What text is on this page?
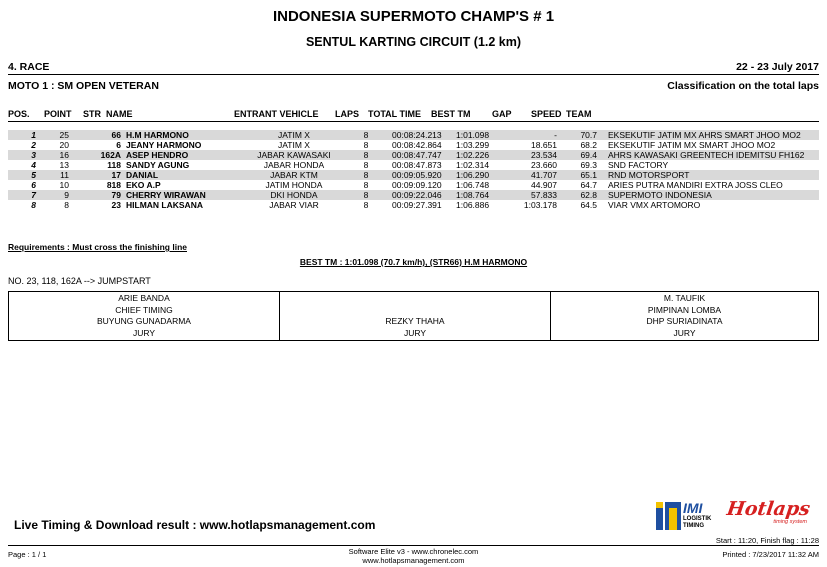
INDONESIA SUPERMOTO CHAMP'S # 1
SENTUL KARTING CIRCUIT (1.2 km)
4. RACE	22 - 23 July 2017
MOTO 1 : SM OPEN VETERAN	Classification on the total laps
POS. POINT STR NAME	ENTRANT VEHICLE LAPS TOTAL TIME BEST TM GAP SPEED TEAM
1	25	66	H.M HARMONO	JATIM X	8	00:08:24.213	1:01.098	-	70.7	EKSEKUTIF JATIM MX AHRS SMART JHOO MO2
2	20	6	JEANY HARMONO	JATIM X	8	00:08:42.864	1:03.299	18.651	68.2	EKSEKUTIF JATIM MX SMART JHOO MO2
3	16	162A	ASEP HENDRO	JABAR KAWASAKI	8	00:08:47.747	1:02.226	23.534	69.4	AHRS KAWASAKI GREENTECH IDEMITSU FH162
4	13	118	SANDY AGUNG	JABAR HONDA	8	00:08:47.873	1:02.314	23.660	69.3	SND FACTORY
5	11	17	DANIAL	JABAR KTM	8	00:09:05.920	1:06.290	41.707	65.1	RND MOTORSPORT
6	10	818	EKO A.P	JATIM HONDA	8	00:09:09.120	1:06.748	44.907	64.7	ARIES PUTRA MANDIRI EXTRA JOSS CLEO
7	9	79	CHERRY WIRAWAN	DKI HONDA	8	00:09:22.046	1:08.764	57.833	62.8	SUPERMOTO INDONESIA
8	8	23	HILMAN LAKSANA	JABAR VIAR	8	00:09:27.391	1:06.886	1:03.178	64.5	VIAR VMX ARTOMORO
Requirements : Must cross the finishing line
BEST TM : 1:01.098 (70.7 km/h), (STR66) H.M HARMONO
NO. 23, 118, 162A --> JUMPSTART
ARIE BANDA
CHIEF TIMING
BUYUNG GUNADARMA
JURY

REZKY THAHA
JURY

M. TAUFIK
PIMPINAN LOMBA
DHP SURIADINATA
JURY
Live Timing & Download result : www.hotlapsmanagement.com
IMI
LOGISTIK TIMING
Hotlaps
timing system
Start : 11:20, Finish flag : 11:28
Page : 1 / 1	Software Elite v3 - www.chronelec.com
www.hotlapsmanagement.com
Printed : 7/23/2017 11:32 AM
